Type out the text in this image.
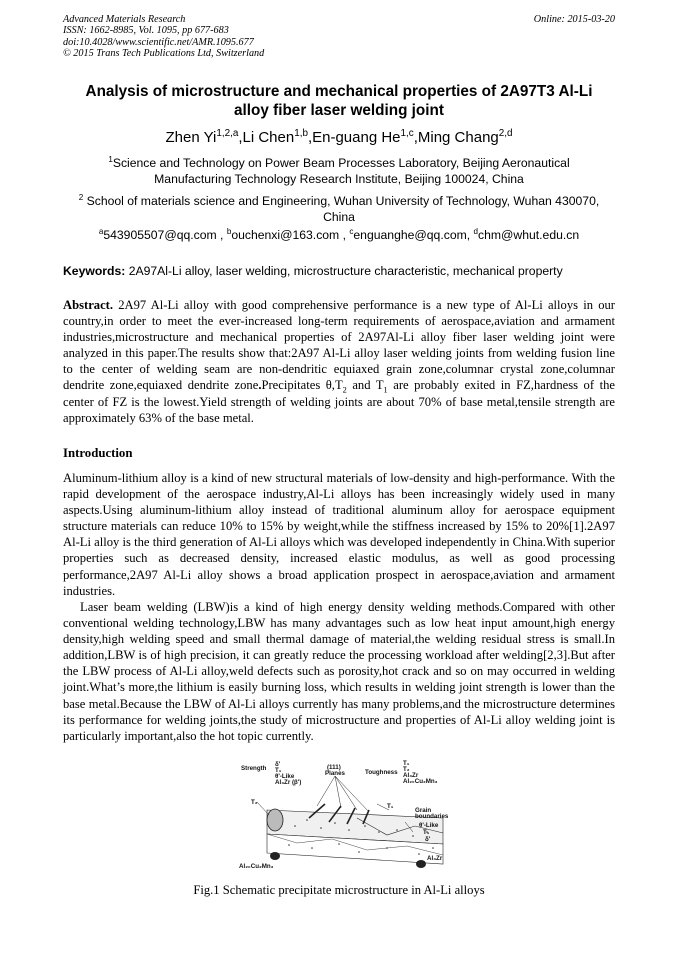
Advanced Materials Research
ISSN: 1662-8985, Vol. 1095, pp 677-683
doi:10.4028/www.scientific.net/AMR.1095.677
© 2015 Trans Tech Publications Ltd, Switzerland
Online: 2015-03-20
Analysis of microstructure and mechanical properties of 2A97T3 Al-Li
alloy fiber laser welding joint
Zhen Yi$^{1,2,a}$,Li Chen$^{1,b}$,En-guang He$^{1,c}$,Ming Chang$^{2,d}$
$^1$Science and Technology on Power Beam Processes Laboratory, Beijing Aeronautical
Manufacturing Technology Research Institute, Beijing 100024, China
$^2$ School of materials science and Engineering, Wuhan University of Technology, Wuhan 430070,
China
$^a$543905507@qq.com , $^b$ouchenxi@163.com , $^c$enguanghe@qq.com, $^d$chm@whut.edu.cn
Keywords: 2A97Al-Li alloy, laser welding, microstructure characteristic, mechanical property
Abstract. 2A97 Al-Li alloy with good comprehensive performance is a new type of Al-Li alloys in our country,in order to meet the ever-increased long-term requirements of aerospace,aviation and armament industries,microstructure and mechanical properties of 2A97Al-Li alloy fiber laser welding joint were analyzed in this paper.The results show that:2A97 Al-Li alloy laser welding joints from welding fusion line to the center of welding seam are non-dendritic equiaxed grain zone,columnar crystal zone,columnar dendrite zone,equiaxed dendrite zone.Precipitates $\theta,T_2$ and $T_1$ are probably exited in FZ,hardness of the center of FZ is the lowest.Yield strength of welding joints are about 70% of base metal,tensile strength are approximately 63% of the base metal.
Introduction
Aluminum-lithium alloy is a kind of new structural materials of low-density and high-performance. With the rapid development of the aerospace industry,Al-Li alloys has been increasingly widely used in many aspects.Using aluminum-lithium alloy instead of traditional aluminum alloy for aerospace equipment structure materials can reduce 10% to 15% by weight,while the stiffness increased by 15% to 20%[1].2A97 Al-Li alloy is the third generation of Al-Li alloys which was developed independently in China.With superior properties such as decreased density, increased elastic modulus, as well as good processing performance,2A97 Al-Li alloy shows a broad application prospect in aerospace,aviation and armament industries.
Laser beam welding (LBW)is a kind of high energy density welding methods.Compared with other conventional welding technology,LBW has many advantages such as low heat input amount,high energy density,high welding speed and small thermal damage of material,the welding residual stress is small.In addition,LBW is of high precision, it can greatly reduce the processing workload after welding[2,3].But after the LBW process of Al-Li alloy,weld defects such as porosity,hot crack and so on may occurred in welding joint.What’s more,the lithium is easily burning loss, which results in welding joint strength is lower than the base metal.Because the LBW of Al-Li alloys currently has many problems,and the microstructure determines its performance for welding joints,the study of microstructure and properties of Al-Li alloy welding joint is particularly important,also the hot topic currently.
Strength
δ'
T₁
θ'-Like
Al₃Zr (β')
(111)
Planes	Toughness
T₁
T₂
Al₃Zr
Al₂₀Cu₂Mn₃
T₂
T₁
Grain
boundaries
θ'-Like
T₁
δ'
Al₂₀Cu₂Mn₃
Al₃Zr
Fig.1 Schematic precipitate microstructure in Al-Li alloys
